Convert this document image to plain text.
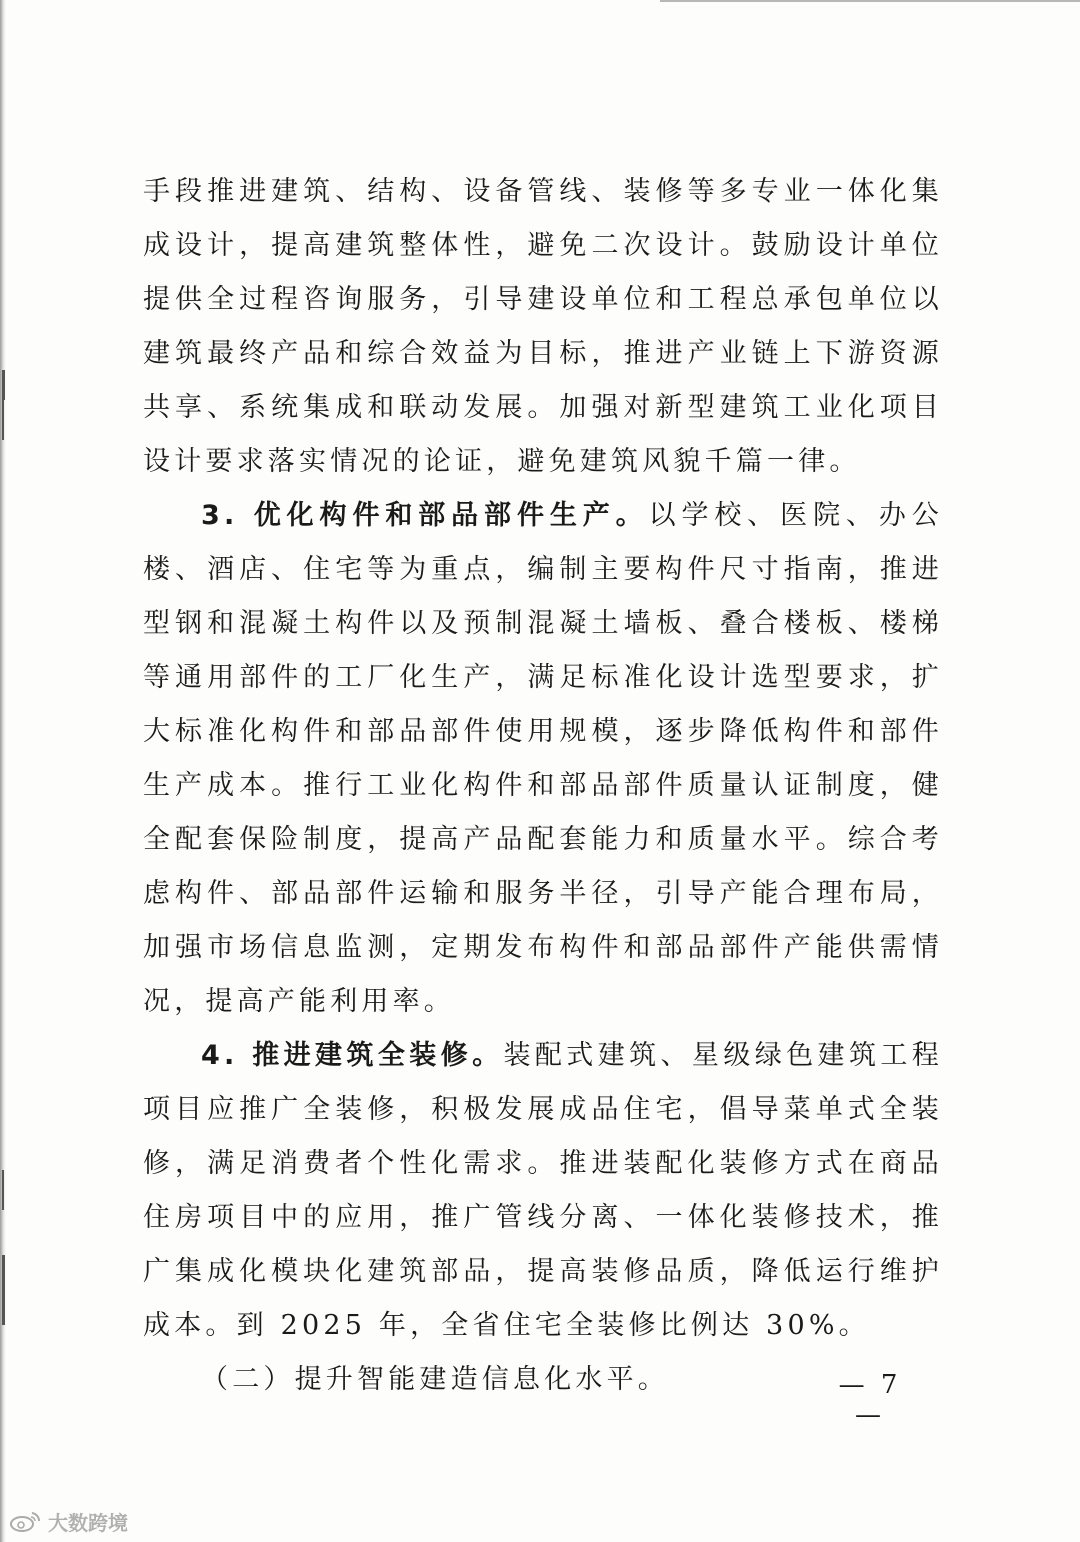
手段推进建筑、结构、设备管线、装修等多专业一体化集成设计，提高建筑整体性，避免二次设计。鼓励设计单位提供全过程咨询服务，引导建设单位和工程总承包单位以建筑最终产品和综合效益为目标，推进产业链上下游资源共享、系统集成和联动发展。加强对新型建筑工业化项目设计要求落实情况的论证，避免建筑风貌千篇一律。

3. 优化构件和部品部件生产。以学校、医院、办公楼、酒店、住宅等为重点，编制主要构件尺寸指南，推进型钢和混凝土构件以及预制混凝土墙板、叠合楼板、楼梯等通用部件的工厂化生产，满足标准化设计选型要求，扩大标准化构件和部品部件使用规模，逐步降低构件和部件生产成本。推行工业化构件和部品部件质量认证制度，健全配套保险制度，提高产品配套能力和质量水平。综合考虑构件、部品部件运输和服务半径，引导产能合理布局，加强市场信息监测，定期发布构件和部品部件产能供需情况，提高产能利用率。

4. 推进建筑全装修。装配式建筑、星级绿色建筑工程项目应推广全装修，积极发展成品住宅，倡导菜单式全装修，满足消费者个性化需求。推进装配化装修方式在商品住房项目中的应用，推广管线分离、一体化装修技术，推广集成化模块化建筑部品，提高装修品质，降低运行维护成本。到 2025 年，全省住宅全装修比例达 30%。

（二）提升智能建造信息化水平。	— 7 —
大数跨境
